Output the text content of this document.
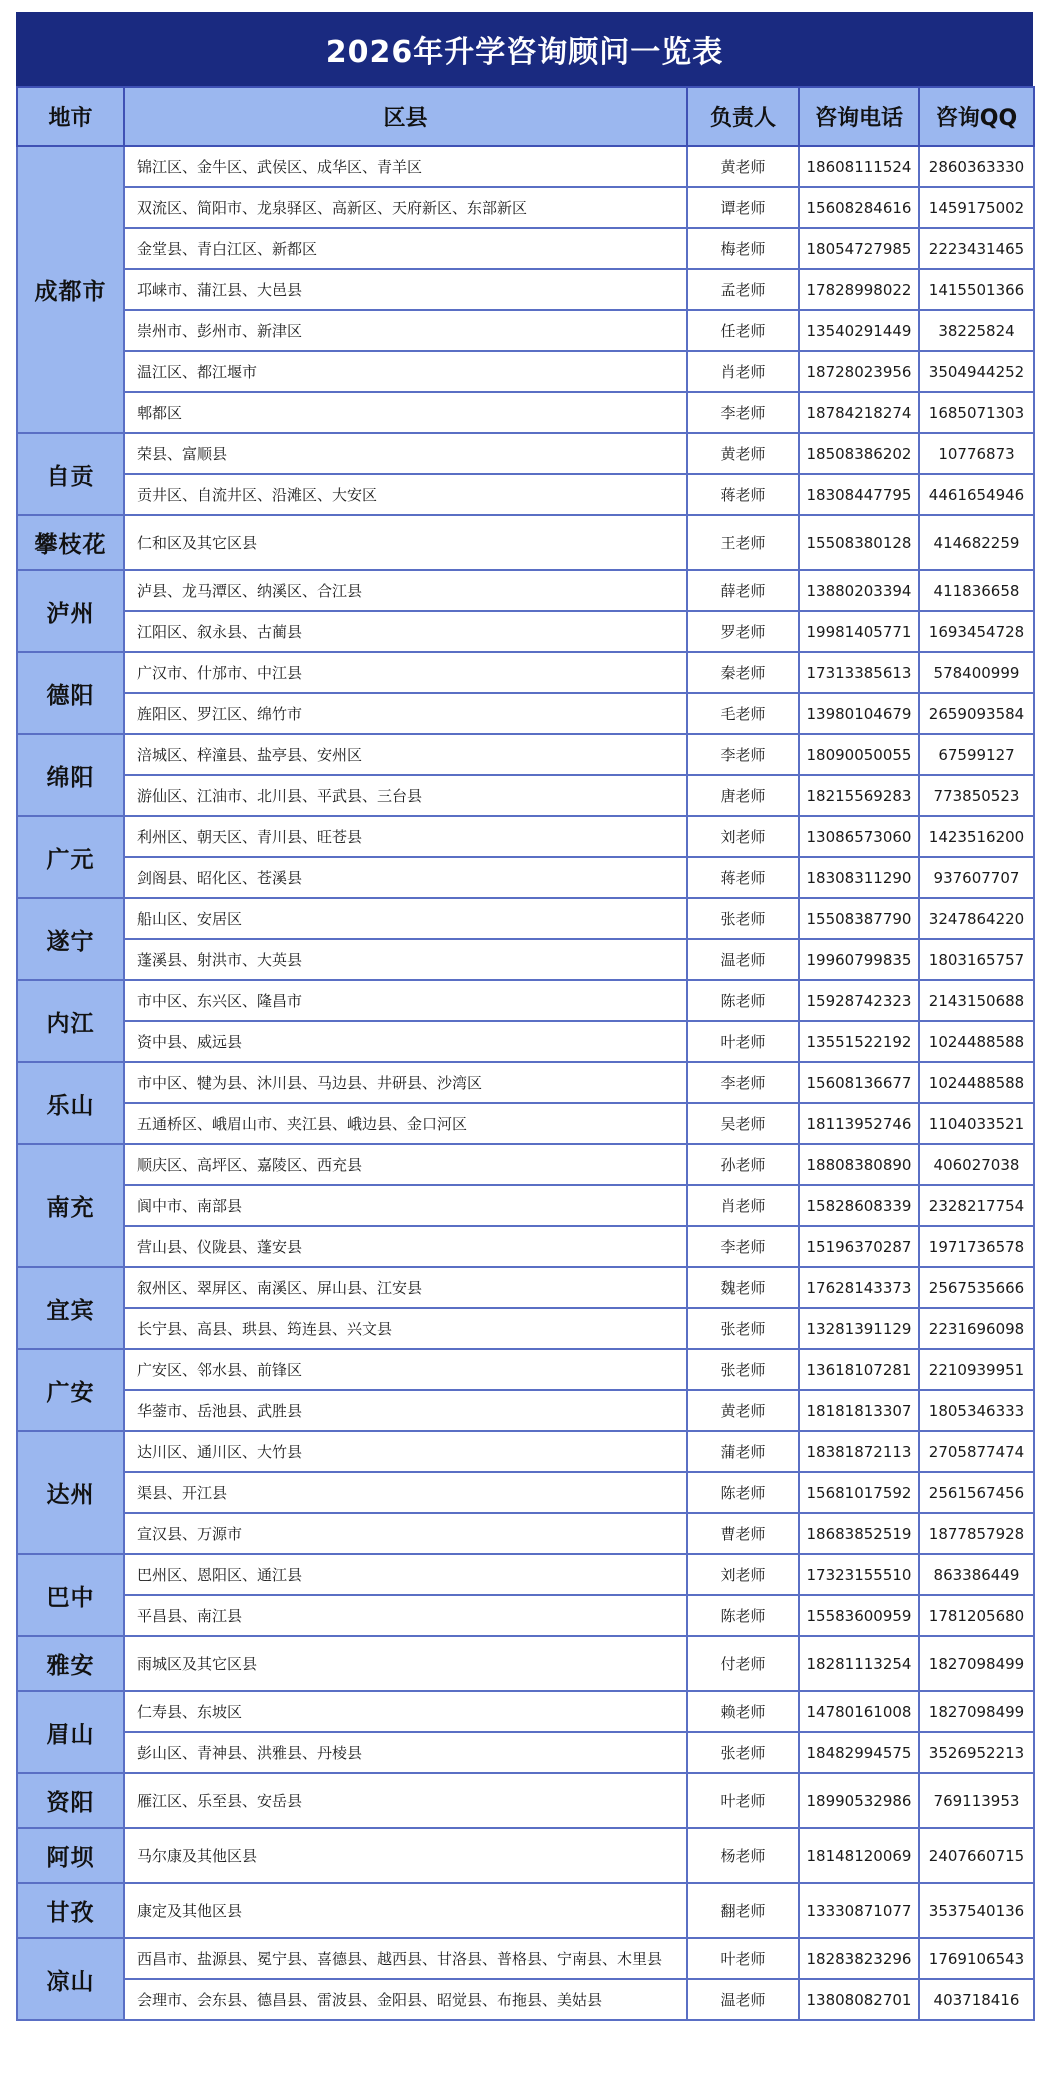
2026年升学咨询顾问一览表
地市	区县	负责人	咨询电话	咨询QQ
成都市	锦江区、金牛区、武侯区、成华区、青羊区	黄老师	18608111524	2860363330
	双流区、简阳市、龙泉驿区、高新区、天府新区、东部新区	谭老师	15608284616	1459175002
	金堂县、青白江区、新都区	梅老师	18054727985	2223431465
	邛崃市、蒲江县、大邑县	孟老师	17828998022	1415501366
	崇州市、彭州市、新津区	任老师	13540291449	38225824
	温江区、都江堰市	肖老师	18728023956	3504944252
	郫都区	李老师	18784218274	1685071303
自贡	荣县、富顺县	黄老师	18508386202	10776873
	贡井区、自流井区、沿滩区、大安区	蒋老师	18308447795	4461654946
攀枝花	仁和区及其它区县	王老师	15508380128	414682259
泸州	泸县、龙马潭区、纳溪区、合江县	薛老师	13880203394	411836658
	江阳区、叙永县、古蔺县	罗老师	19981405771	1693454728
德阳	广汉市、什邡市、中江县	秦老师	17313385613	578400999
	旌阳区、罗江区、绵竹市	毛老师	13980104679	2659093584
绵阳	涪城区、梓潼县、盐亭县、安州区	李老师	18090050055	67599127
	游仙区、江油市、北川县、平武县、三台县	唐老师	18215569283	773850523
广元	利州区、朝天区、青川县、旺苍县	刘老师	13086573060	1423516200
	剑阁县、昭化区、苍溪县	蒋老师	18308311290	937607707
遂宁	船山区、安居区	张老师	15508387790	3247864220
	蓬溪县、射洪市、大英县	温老师	19960799835	1803165757
内江	市中区、东兴区、隆昌市	陈老师	15928742323	2143150688
	资中县、威远县	叶老师	13551522192	1024488588
乐山	市中区、犍为县、沐川县、马边县、井研县、沙湾区	李老师	15608136677	1024488588
	五通桥区、峨眉山市、夹江县、峨边县、金口河区	吴老师	18113952746	1104033521
南充	顺庆区、高坪区、嘉陵区、西充县	孙老师	18808380890	406027038
	阆中市、南部县	肖老师	15828608339	2328217754
	营山县、仪陇县、蓬安县	李老师	15196370287	1971736578
宜宾	叙州区、翠屏区、南溪区、屏山县、江安县	魏老师	17628143373	2567535666
	长宁县、高县、珙县、筠连县、兴文县	张老师	13281391129	2231696098
广安	广安区、邻水县、前锋区	张老师	13618107281	2210939951
	华蓥市、岳池县、武胜县	黄老师	18181813307	1805346333
达州	达川区、通川区、大竹县	蒲老师	18381872113	2705877474
	渠县、开江县	陈老师	15681017592	2561567456
	宣汉县、万源市	曹老师	18683852519	1877857928
巴中	巴州区、恩阳区、通江县	刘老师	17323155510	863386449
	平昌县、南江县	陈老师	15583600959	1781205680
雅安	雨城区及其它区县	付老师	18281113254	1827098499
眉山	仁寿县、东坡区	赖老师	14780161008	1827098499
	彭山区、青神县、洪雅县、丹棱县	张老师	18482994575	3526952213
资阳	雁江区、乐至县、安岳县	叶老师	18990532986	769113953
阿坝	马尔康及其他区县	杨老师	18148120069	2407660715
甘孜	康定及其他区县	翻老师	13330871077	3537540136
凉山	西昌市、盐源县、冕宁县、喜德县、越西县、甘洛县、普格县、宁南县、木里县	叶老师	18283823296	1769106543
	会理市、会东县、德昌县、雷波县、金阳县、昭觉县、布拖县、美姑县	温老师	13808082701	403718416
